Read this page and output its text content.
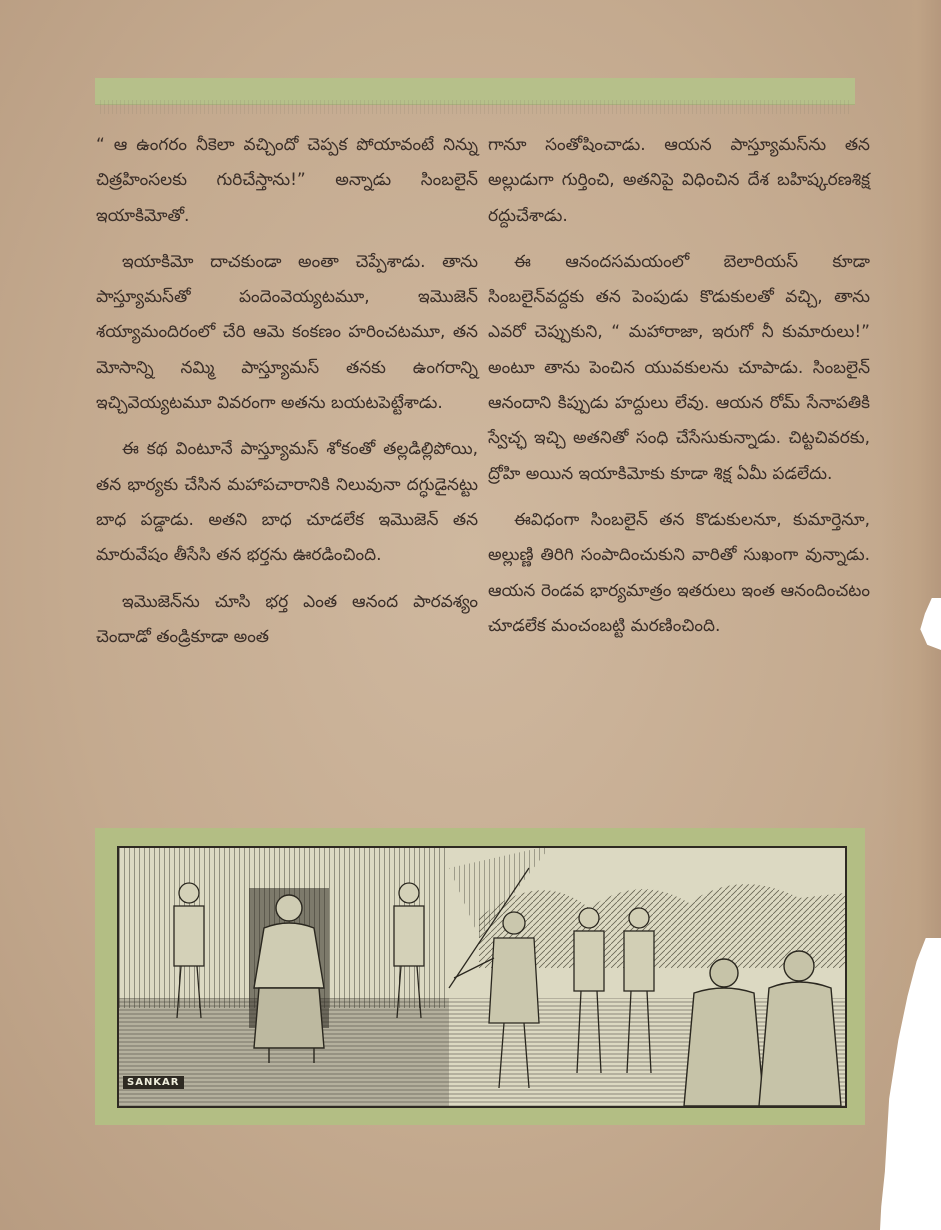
“ ఆ ఉంగరం నీకెలా వచ్చిందో చెప్పక పోయావంటే నిన్ను చిత్రహింసలకు గురిచేస్తాను!” అన్నాడు సింబలైన్ ఇయాకిమోతో.

ఇయాకిమో దాచకుండా అంతా చెప్పేశాడు. తాను పాస్త్యూమస్‌తో పందెంవెయ్యటమూ, ఇమొజెన్ శయ్యామందిరంలో చేరి ఆమె కంకణం హరించటమూ, తన మోసాన్ని నమ్మి పాస్త్యూమస్ తనకు ఉంగరాన్ని ఇచ్చివెయ్యటమూ వివరంగా అతను బయటపెట్టేశాడు.

ఈ కథ వింటూనే పాస్త్యూమస్ శోకంతో తల్లడిల్లిపోయి, తన భార్యకు చేసిన మహాపచారానికి నిలువునా దగ్ధుడైనట్టు బాధ పడ్డాడు. అతని బాధ చూడలేక ఇమొజెన్ తన మారువేషం తీసేసి తన భర్తను ఊరడించింది.

ఇమొజెన్‌ను చూసి భర్త ఎంత ఆనంద పారవశ్యం చెందాడో తండ్రికూడా అంత

గానూ సంతోషించాడు. ఆయన పాస్త్యూమస్‌ను తన అల్లుడుగా గుర్తించి, అతనిపై విధించిన దేశ బహిష్కరణశిక్ష రద్దుచేశాడు.

ఈ ఆనందసమయంలో బెలారియస్ కూడా సింబలైన్‌వద్దకు తన పెంపుడు కొడుకులతో వచ్చి, తాను ఎవరో చెప్పుకుని, “ మహారాజా, ఇరుగో నీ కుమారులు!” అంటూ తాను పెంచిన యువకులను చూపాడు. సింబలైన్ ఆనందాని కిప్పుడు హద్దులు లేవు. ఆయన రోమ్ సేనాపతికి స్వేచ్ఛ ఇచ్చి అతనితో సంధి చేసేసుకున్నాడు. చిట్టచివరకు, ద్రోహి అయిన ఇయాకిమోకు కూడా శిక్ష ఏమీ పడలేదు.

ఈవిధంగా సింబలైన్ తన కొడుకులనూ, కుమార్తెనూ, అల్లుణ్ణి తిరిగి సంపాదించుకుని వారితో సుఖంగా వున్నాడు. ఆయన రెండవ భార్యమాత్రం ఇతరులు ఇంత ఆనందించటం చూడలేక మంచంబట్టి మరణించింది.

SANKAR
